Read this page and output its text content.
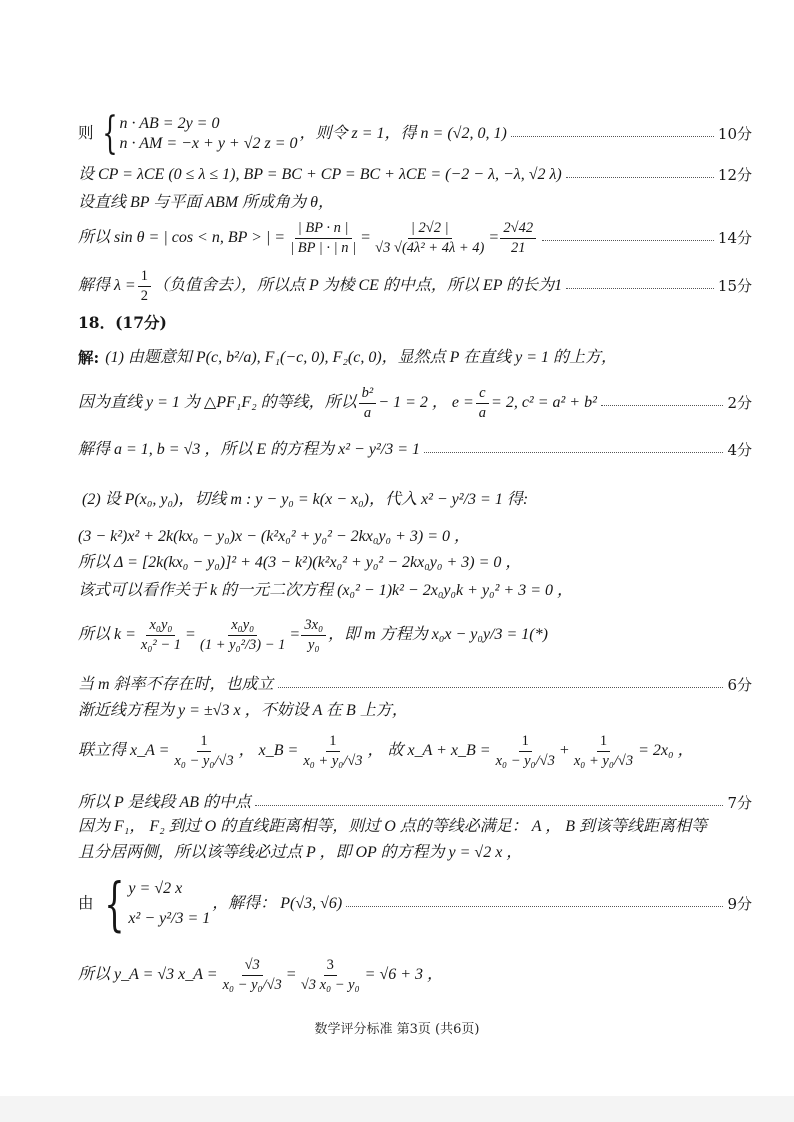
则 { n · AB = 2y = 0
n · AM = −x + y + √2 z = 0
，则令 z = 1，得 n = (√2, 0, 1)	10分
设 CP = λCE (0 ≤ λ ≤ 1), BP = BC + CP = BC + λCE = (−2 − λ, −λ, √2 λ)	12分
设直线 BP 与平面 ABM 所成角为 θ，
所以 sin θ = | cos < n, BP > | = $\frac{| BP \cdot n |}{| BP | \cdot | n |} = \frac{| 2√2 |}{\text{√3 √(4λ² + 4λ + 4)}} = \frac{2√42}{21}$	14分
解得 $\lambda = \frac{1}{2}$ （负值舍去），所以点 P 为棱 CE 的中点，所以 EP 的长为1	15分
18．(17分)
解: (1) 由题意知 P(c, b²/a), F₁(−c, 0), F₂(c, 0)，显然点 P 在直线 y = 1 的上方，
因为直线 y = 1 为 △PF₁F₂ 的等线，所以 $\frac{\text{b²}}{a} - 1 = 2$ ， $e = \frac{c}{a} = 2$, c² = a² + b²	2分
解得 a = 1, b = √3 ，所以 E 的方程为 x² − y²/3 = 1	4分
(2) 设 P(x₀, y₀)，切线 m : y − y₀ = k(x − x₀)，代入 x² − y²/3 = 1 得:
(3 − k²)x² + 2k(kx₀ − y₀)x − (k²x₀² + y₀² − 2kx₀y₀ + 3) = 0 ，
所以 Δ = [2k(kx₀ − y₀)]² + 4(3 − k²)(k²x₀² + y₀² − 2kx₀y₀ + 3) = 0 ，
该式可以看作关于 k 的一元二次方程 (x₀² − 1)k² − 2x₀y₀k + y₀² + 3 = 0 ，
所以 $k = \frac{\text{x₀y₀}}{\text{x₀² − 1}} = \frac{\text{x₀y₀}}{\text{(1 + y₀²/3) − 1}} = \frac{\text{3x₀}}{\text{y₀}}$ ，即 m 方程为 x₀x − y₀y/3 = 1(*)
当 m 斜率不存在时，也成立	6分
渐近线方程为 y = ±√3 x ，不妨设 A 在 B 上方，
联立得 x_A = $\frac{1}{\text{x₀ − y₀/√3}}$ ， x_B = $\frac{1}{\text{x₀ + y₀/√3}}$ ， 故 x_A + x_B = $\frac{1}{\text{x₀ − y₀/√3}} + \frac{1}{\text{x₀ + y₀/√3}} = 2x_0$ ，
所以 P 是线段 AB 的中点	7分
因为 F₁， F₂ 到过 O 的直线距离相等，则过 O 点的等线必满足： A ， B 到该等线距离相等
且分居两侧，所以该等线必过点 P ，即 OP 的方程为 y = √2 x ，
由 { y = √2 x
x² − y²/3 = 1
，解得： P(√3, √6)	9分
所以 y_A = √3 x_A = $\frac{√3}{\text{x₀ − y₀/√3}} = \frac{3}{\text{√3 x₀ − y₀}} = √6 + 3$ ，
数学评分标准 第3页 (共6页)
